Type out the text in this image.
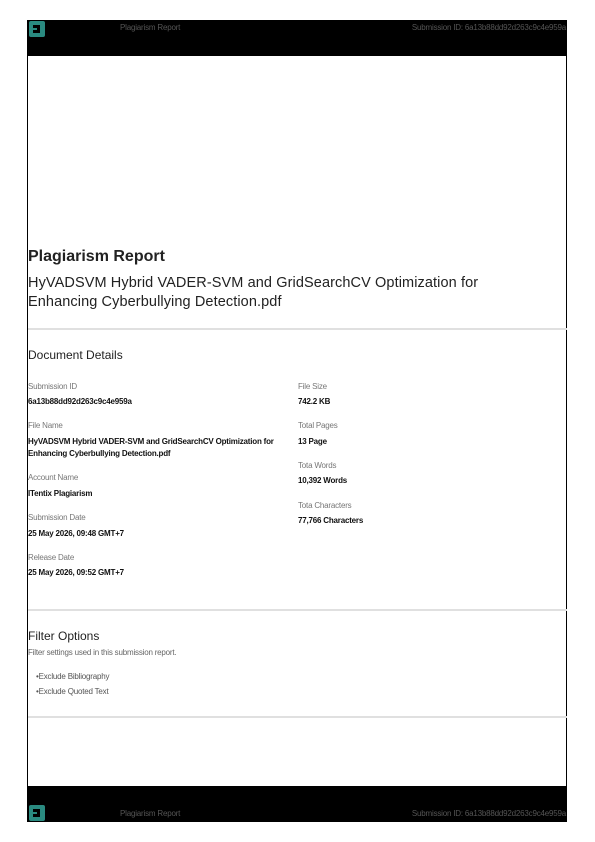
Plagiarism Report	Submission ID: 6a13b88dd92d263c9c4e959a
Plagiarism Report
HyVADSVM Hybrid VADER-SVM and GridSearchCV Optimization for Enhancing Cyberbullying Detection.pdf
Document Details
Submission ID
6a13b88dd92d263c9c4e959a
File Name
HyVADSVM Hybrid VADER-SVM and GridSearchCV Optimization for Enhancing Cyberbullying Detection.pdf
Account Name
ITentix Plagiarism
Submission Date
25 May 2026, 09:48 GMT+7
Release Date
25 May 2026, 09:52 GMT+7
File Size
742.2 KB
Total Pages
13 Page
Tota Words
10,392 Words
Tota Characters
77,766 Characters
Filter Options
Filter settings used in this submission report.
•Exclude Bibliography
•Exclude Quoted Text
Plagiarism Report	Submission ID: 6a13b88dd92d263c9c4e959a
